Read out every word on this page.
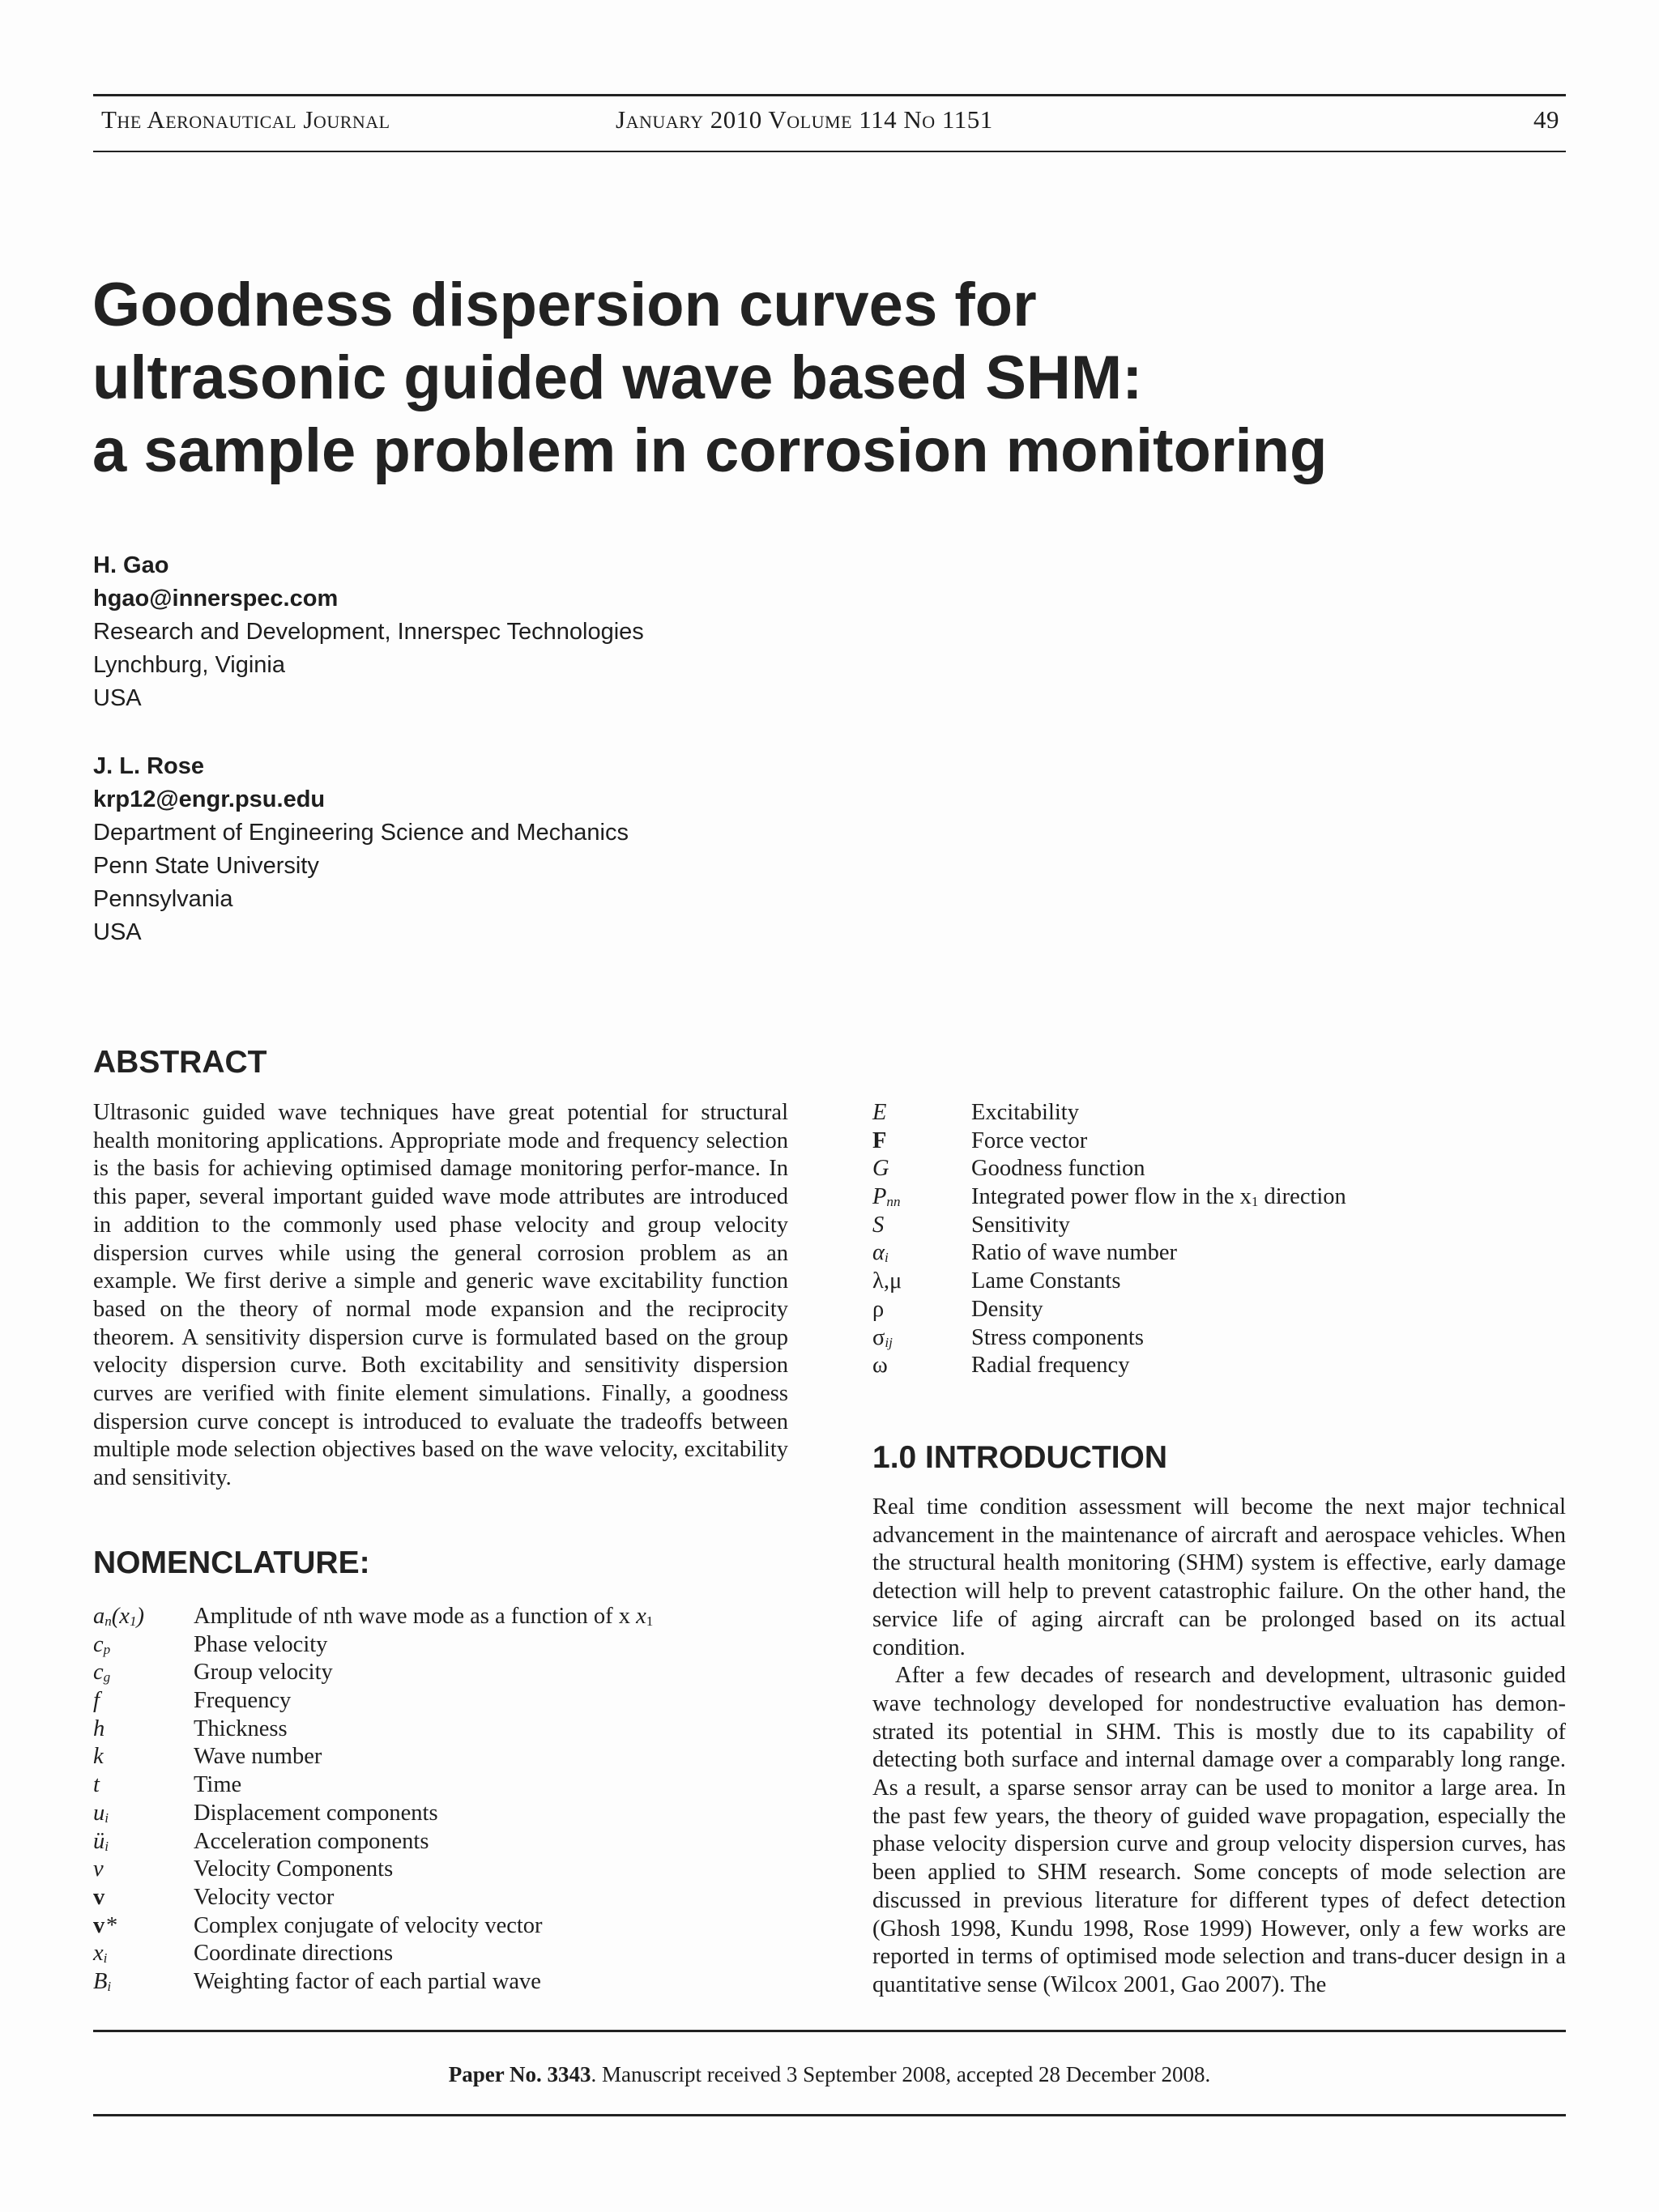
The Aeronautical Journal	January 2010 Volume 114 No 1151	49
Goodness dispersion curves for
ultrasonic guided wave based SHM:
a sample problem in corrosion monitoring
H. Gao
hgao@innerspec.com
Research and Development, Innerspec Technologies
Lynchburg, Viginia
USA
J. L. Rose
krp12@engr.psu.edu
Department of Engineering Science and Mechanics
Penn State University
Pennsylvania
USA
ABSTRACT

Ultrasonic guided wave techniques have great potential for structural health monitoring applications. Appropriate mode and frequency selection is the basis for achieving optimised damage monitoring perfor-mance. In this paper, several important guided wave mode attributes are introduced in addition to the commonly used phase velocity and group velocity dispersion curves while using the general corrosion problem as an example. We first derive a simple and generic wave excitability function based on the theory of normal mode expansion and the reciprocity theorem. A sensitivity dispersion curve is formulated based on the group velocity dispersion curve. Both excitability and sensitivity dispersion curves are verified with finite element simulations. Finally, a goodness dispersion curve concept is introduced to evaluate the tradeoffs between multiple mode selection objectives based on the wave velocity, excitability and sensitivity.

NOMENCLATURE:
$a_n(x_1)$ Amplitude of nth wave mode as a function of x $x_1$
$c_p$	Phase velocity
$c_g$	Group velocity
f	Frequency
h	Thickness
k	Wave number
t	Time
$u_i$	Displacement components
$ü_i$	Acceleration components
v	Velocity Components
v	Velocity vector
v *	Complex conjugate of velocity vector
$x_i$	Coordinate directions
$B_i$	Weighting factor of each partial wave
E	Excitability
F	Force vector
G	Goodness function
$P_{nn}$	Integrated power flow in the $x_1$ direction
S	Sensitivity
$\alpha_i$	Ratio of wave number
λ,μ	Lame Constants
ρ	Density
$\sigma_{ij}$	Stress components
ω	Radial frequency
1.0 INTRODUCTION

Real time condition assessment will become the next major technical advancement in the maintenance of aircraft and aerospace vehicles. When the structural health monitoring (SHM) system is effective, early damage detection will help to prevent catastrophic failure. On the other hand, the service life of aging aircraft can be prolonged based on its actual condition.

After a few decades of research and development, ultrasonic guided wave technology developed for nondestructive evaluation has demon-strated its potential in SHM. This is mostly due to its capability of detecting both surface and internal damage over a comparably long range. As a result, a sparse sensor array can be used to monitor a large area. In the past few years, the theory of guided wave propagation, especially the phase velocity dispersion curve and group velocity dispersion curves, has been applied to SHM research. Some concepts of mode selection are discussed in previous literature for different types of defect detection (Ghosh 1998, Kundu 1998, Rose 1999) However, only a few works are reported in terms of optimised mode selection and trans-ducer design in a quantitative sense (Wilcox 2001, Gao 2007). The

Paper No. 3343. Manuscript received 3 September 2008, accepted 28 December 2008.
